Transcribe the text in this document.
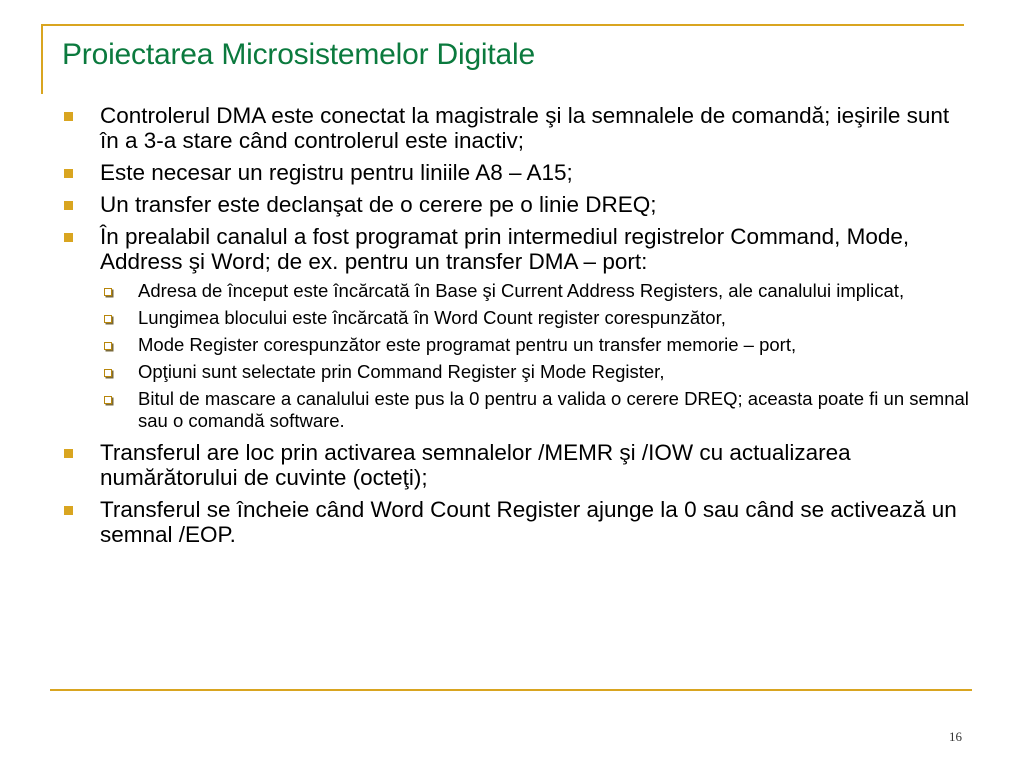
Proiectarea Microsistemelor Digitale
Controlerul DMA este conectat la magistrale şi la semnalele de comandă; ieşirile sunt în a 3-a stare când controlerul este inactiv;
Este necesar un registru pentru liniile A8 – A15;
Un transfer este declanşat de o cerere pe o linie DREQ;
În prealabil canalul a fost programat prin intermediul registrelor Command, Mode, Address şi Word; de ex. pentru un transfer DMA – port:
Adresa de început este încărcată în Base şi Current Address Registers, ale canalului implicat,
Lungimea blocului este încărcată în Word Count register corespunzător,
Mode Register corespunzător este programat pentru un transfer memorie – port,
Opţiuni sunt selectate prin Command Register şi Mode Register,
Bitul de mascare a canalului este pus la 0 pentru a valida o cerere DREQ; aceasta poate fi un semnal sau o comandă software.
Transferul are loc prin activarea semnalelor /MEMR şi /IOW cu actualizarea numărătorului de cuvinte (octeţi);
Transferul se încheie când Word Count Register ajunge la 0 sau când se activează un semnal /EOP.
16
